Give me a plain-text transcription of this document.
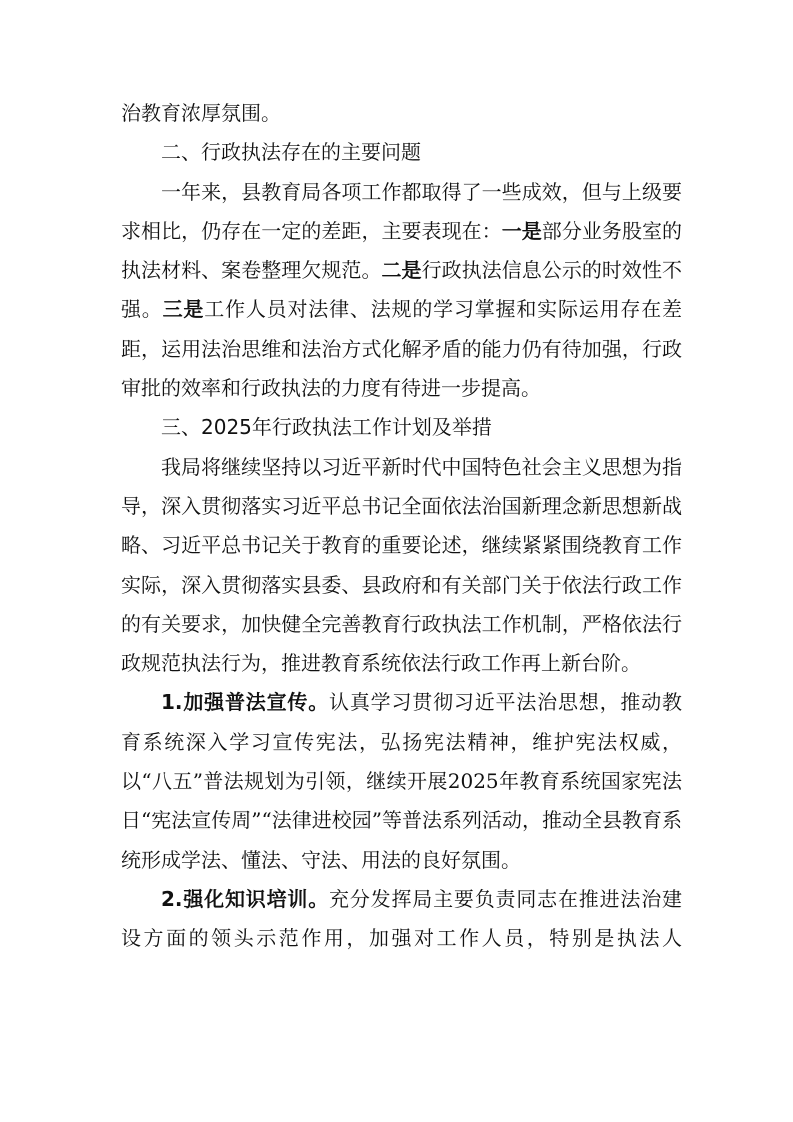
治教育浓厚氛围。

二、行政执法存在的主要问题

一年来，县教育局各项工作都取得了一些成效，但与上级要求相比，仍存在一定的差距，主要表现在：一是部分业务股室的执法材料、案卷整理欠规范。二是行政执法信息公示的时效性不强。三是工作人员对法律、法规的学习掌握和实际运用存在差距，运用法治思维和法治方式化解矛盾的能力仍有待加强，行政审批的效率和行政执法的力度有待进一步提高。

三、2025年行政执法工作计划及举措

我局将继续坚持以习近平新时代中国特色社会主义思想为指导，深入贯彻落实习近平总书记全面依法治国新理念新思想新战略、习近平总书记关于教育的重要论述，继续紧紧围绕教育工作实际，深入贯彻落实县委、县政府和有关部门关于依法行政工作的有关要求，加快健全完善教育行政执法工作机制，严格依法行政规范执法行为，推进教育系统依法行政工作再上新台阶。

1.加强普法宣传。认真学习贯彻习近平法治思想，推动教育系统深入学习宣传宪法，弘扬宪法精神，维护宪法权威，以“八五”普法规划为引领，继续开展2025年教育系统国家宪法日“宪法宣传周”“法律进校园”等普法系列活动，推动全县教育系统形成学法、懂法、守法、用法的良好氛围。

2.强化知识培训。充分发挥局主要负责同志在推进法治建设方面的领头示范作用，加强对工作人员，特别是执法人
